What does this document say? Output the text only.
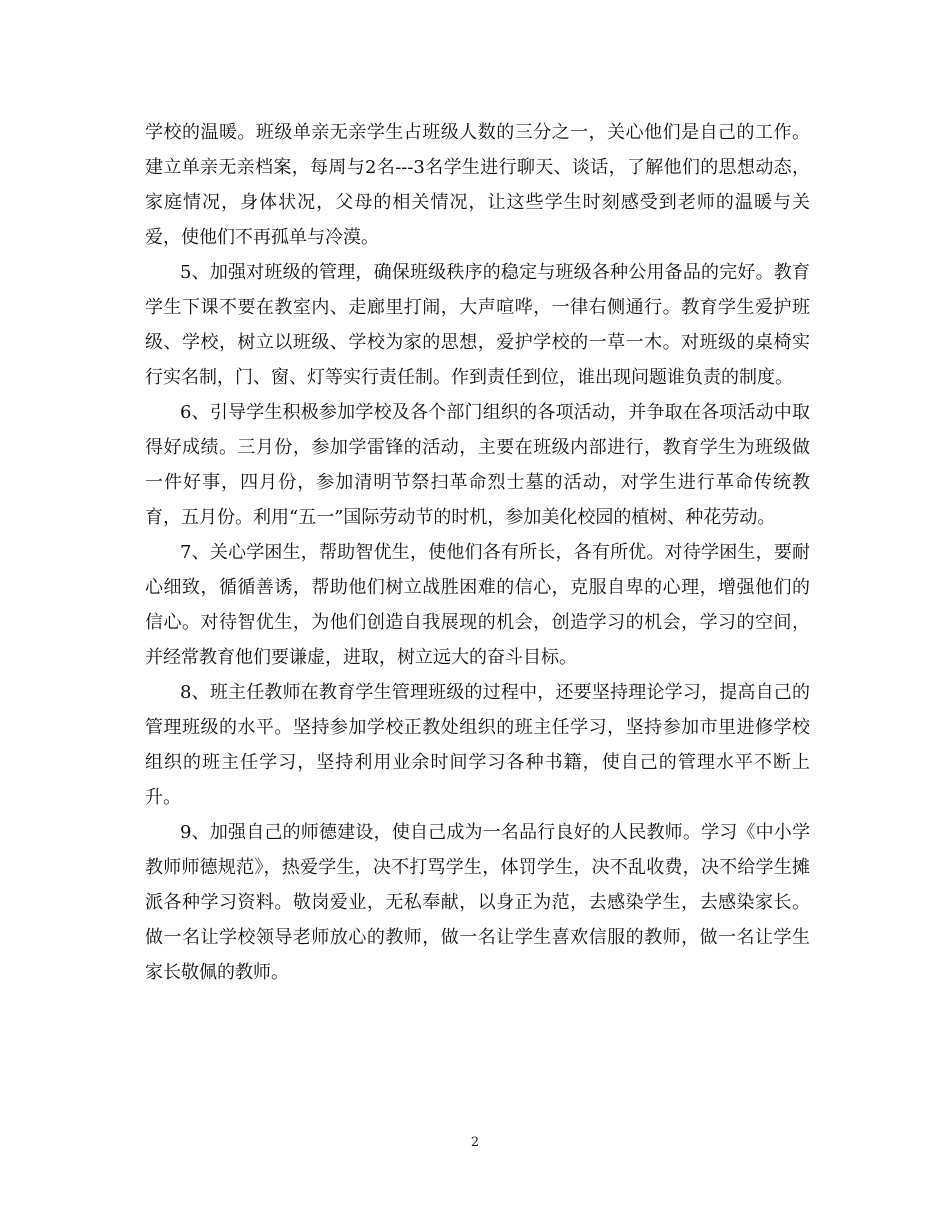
学校的温暖。班级单亲无亲学生占班级人数的三分之一，关心他们是自己的工作。建立单亲无亲档案，每周与2名---3名学生进行聊天、谈话，了解他们的思想动态，家庭情况，身体状况，父母的相关情况，让这些学生时刻感受到老师的温暖与关爱，使他们不再孤单与冷漠。

5、加强对班级的管理，确保班级秩序的稳定与班级各种公用备品的完好。教育学生下课不要在教室内、走廊里打闹，大声喧哗，一律右侧通行。教育学生爱护班级、学校，树立以班级、学校为家的思想，爱护学校的一草一木。对班级的桌椅实行实名制，门、窗、灯等实行责任制。作到责任到位，谁出现问题谁负责的制度。

6、引导学生积极参加学校及各个部门组织的各项活动，并争取在各项活动中取得好成绩。三月份，参加学雷锋的活动，主要在班级内部进行，教育学生为班级做一件好事，四月份，参加清明节祭扫革命烈士墓的活动，对学生进行革命传统教育，五月份。利用“五一”国际劳动节的时机，参加美化校园的植树、种花劳动。

7、关心学困生，帮助智优生，使他们各有所长，各有所优。对待学困生，要耐心细致，循循善诱，帮助他们树立战胜困难的信心，克服自卑的心理，增强他们的信心。对待智优生，为他们创造自我展现的机会，创造学习的机会，学习的空间，并经常教育他们要谦虚，进取，树立远大的奋斗目标。

8、班主任教师在教育学生管理班级的过程中，还要坚持理论学习，提高自己的管理班级的水平。坚持参加学校正教处组织的班主任学习，坚持参加市里进修学校组织的班主任学习，坚持利用业余时间学习各种书籍，使自己的管理水平不断上升。

9、加强自己的师德建设，使自己成为一名品行良好的人民教师。学习《中小学教师师德规范》，热爱学生，决不打骂学生，体罚学生，决不乱收费，决不给学生摊派各种学习资料。敬岗爱业，无私奉献，以身正为范，去感染学生，去感染家长。做一名让学校领导老师放心的教师，做一名让学生喜欢信服的教师，做一名让学生家长敬佩的教师。

2
